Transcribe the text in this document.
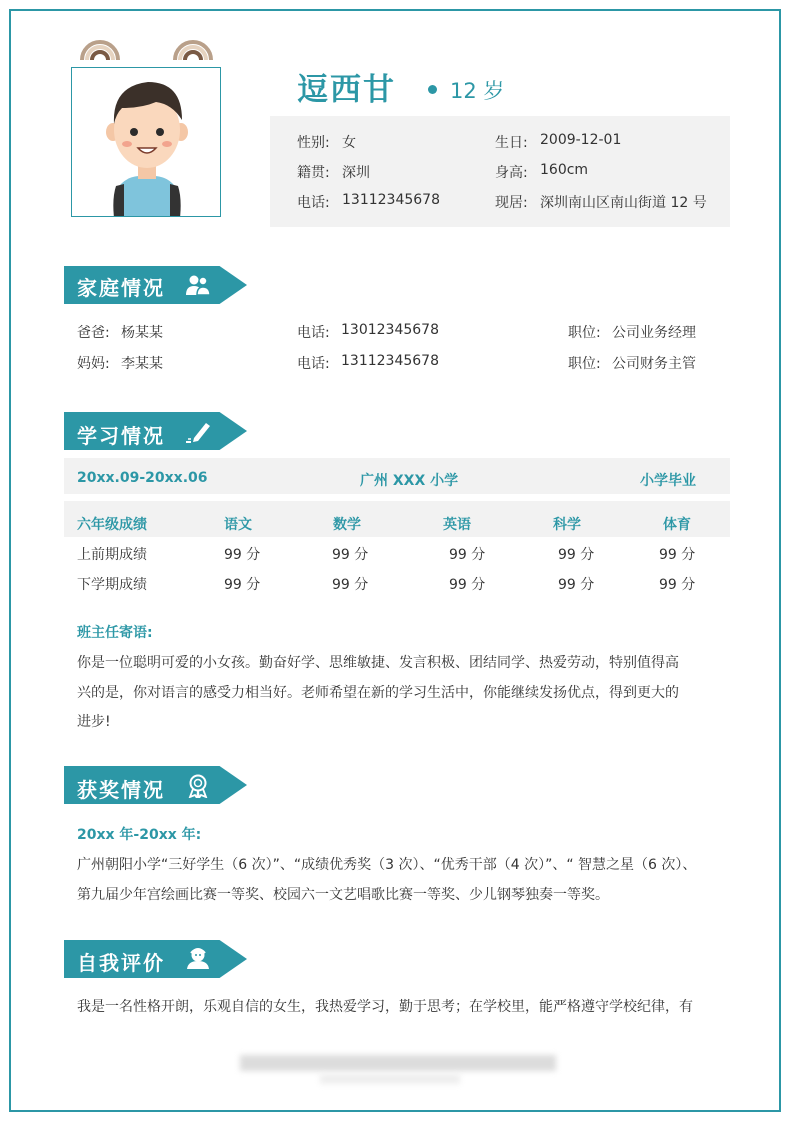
逗西甘	12 岁
性别: 女	生日: 2009-12-01
籍贯: 深圳	身高: 160cm
电话: 13112345678	现居: 深圳南山区南山街道 12 号
家庭情况
爸爸: 杨某某	电话: 13012345678	职位: 公司业务经理
妈妈: 李某某	电话: 13112345678	职位: 公司财务主管
学习情况
20xx.09-20xx.06	广州 XXX 小学	小学毕业
六年级成绩	语文	数学	英语	科学	体育
上前期成绩	99 分	99 分	99 分	99 分	99 分
下学期成绩	99 分	99 分	99 分	99 分	99 分
班主任寄语:
你是一位聪明可爱的小女孩。勤奋好学、思维敏捷、发言积极、团结同学、热爱劳动，特别值得高
兴的是，你对语言的感受力相当好。老师希望在新的学习生活中，你能继续发扬优点，得到更大的
进步!
获奖情况
20xx 年-20xx 年:
广州朝阳小学“三好学生（6 次）”、“成绩优秀奖（3 次）、“优秀干部（4 次）”、“ 智慧之星（6 次）、
第九届少年宫绘画比赛一等奖、校园六一文艺唱歌比赛一等奖、少儿钢琴独奏一等奖。
自我评价
我是一名性格开朗，乐观自信的女生，我热爱学习，勤于思考；在学校里，能严格遵守学校纪律，有
